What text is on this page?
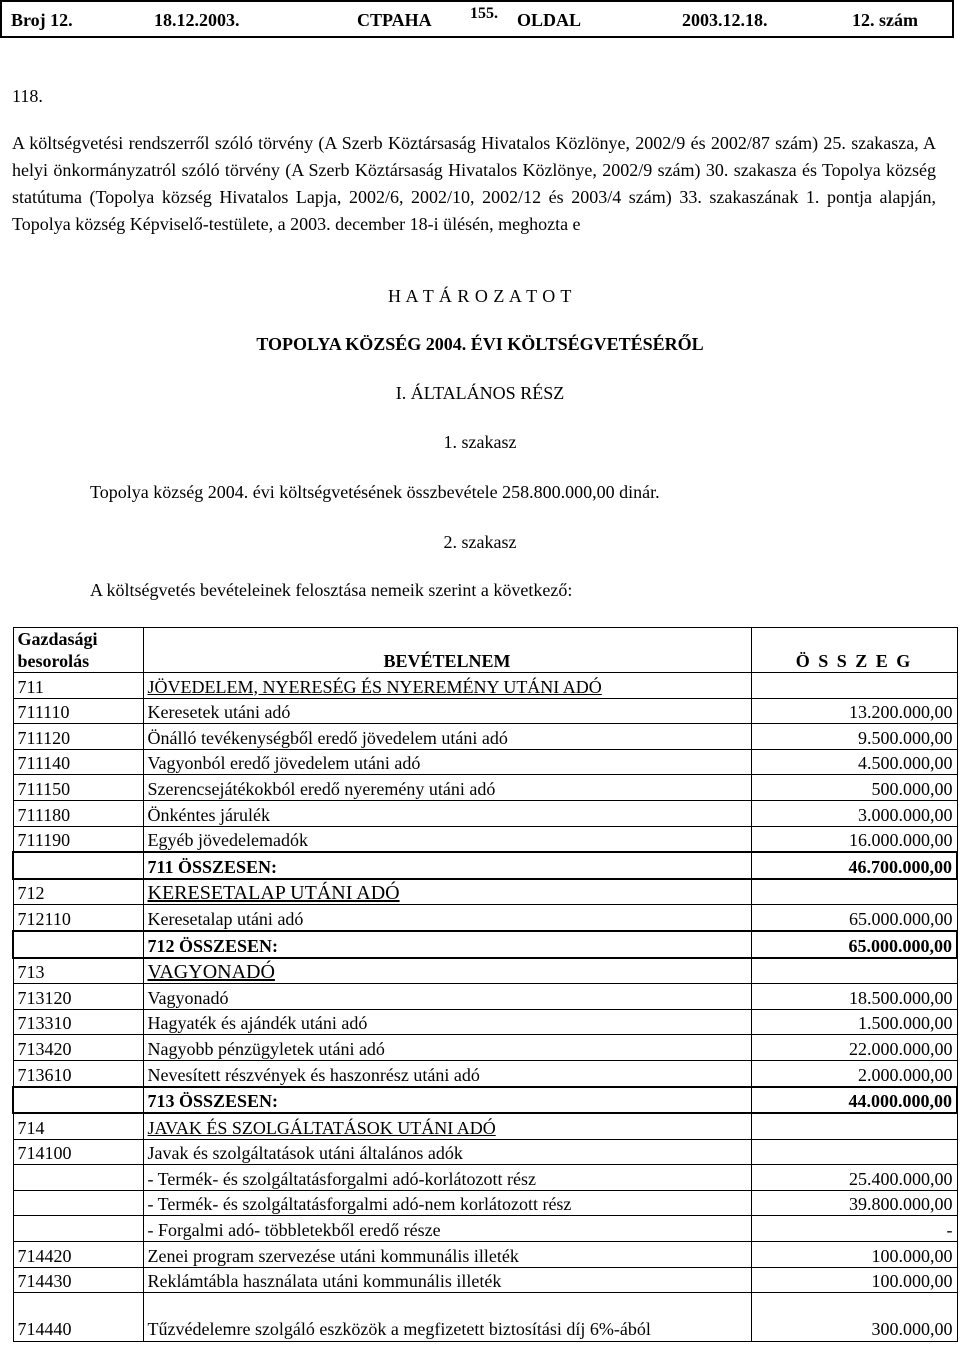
Broj 12.	18.12.2003.	CTPAHA 155. OLDAL	2003.12.18.	12. szám
118.

A költségvetési rendszerről szóló törvény (A Szerb Köztársaság Hivatalos Közlönye, 2002/9 és 2002/87 szám) 25. szakasza, A helyi önkormányzatról szóló törvény (A Szerb Köztársaság Hivatalos Közlönye, 2002/9 szám) 30. szakasza és Topolya község statútuma (Topolya község Hivatalos Lapja, 2002/6, 2002/10, 2002/12 és 2003/4 szám) 33. szakaszának 1. pontja alapján, Topolya község Képviselő-testülete, a 2003. december 18-i ülésén, meghozta e

H A T Á R O Z A T O T
TOPOLYA KÖZSÉG 2004. ÉVI KÖLTSÉGVETÉSÉRŐL
I. ÁLTALÁNOS RÉSZ
1. szakasz
Topolya község 2004. évi költségvetésének összbevétele 258.800.000,00 dinár.
2. szakasz
A költségvetés bevételeinek felosztása nemeik szerint a következő:
Gazdasági
besorolás	BEVÉTELNEM	Ö S S Z E G
711	JÖVEDELEM, NYERESÉG ÉS NYEREMÉNY UTÁNI ADÓ	
711110	Keresetek utáni adó	13.200.000,00
711120	Önálló tevékenységből eredő jövedelem utáni adó	9.500.000,00
711140	Vagyonból eredő jövedelem utáni adó	4.500.000,00
711150	Szerencsejátékokból eredő nyeremény utáni adó	500.000,00
711180	Önkéntes járulék	3.000.000,00
711190	Egyéb jövedelemadók	16.000.000,00
	711 ÖSSZESEN:	46.700.000,00
712	KERESETALAP UTÁNI ADÓ	
712110	Keresetalap utáni adó	65.000.000,00
	712 ÖSSZESEN:	65.000.000,00
713	VAGYONADÓ	
713120	Vagyonadó	18.500.000,00
713310	Hagyaték és ajándék utáni adó	1.500.000,00
713420	Nagyobb pénzügyletek utáni adó	22.000.000,00
713610	Nevesített részvények és haszonrész utáni adó	2.000.000,00
	713 ÖSSZESEN:	44.000.000,00
714	JAVAK ÉS SZOLGÁLTATÁSOK UTÁNI ADÓ	
714100	Javak és szolgáltatások utáni általános adók	
	- Termék- és szolgáltatásforgalmi adó-korlátozott rész	25.400.000,00
	- Termék- és szolgáltatásforgalmi adó-nem korlátozott rész	39.800.000,00
	- Forgalmi adó- többletekből eredő része	-
714420	Zenei program szervezése utáni kommunális illeték	100.000,00
714430	Reklámtábla használata utáni kommunális illeték	100.000,00
714440	Tűzvédelemre szolgáló eszközök a megfizetett biztosítási díj 6%-ából	300.000,00
